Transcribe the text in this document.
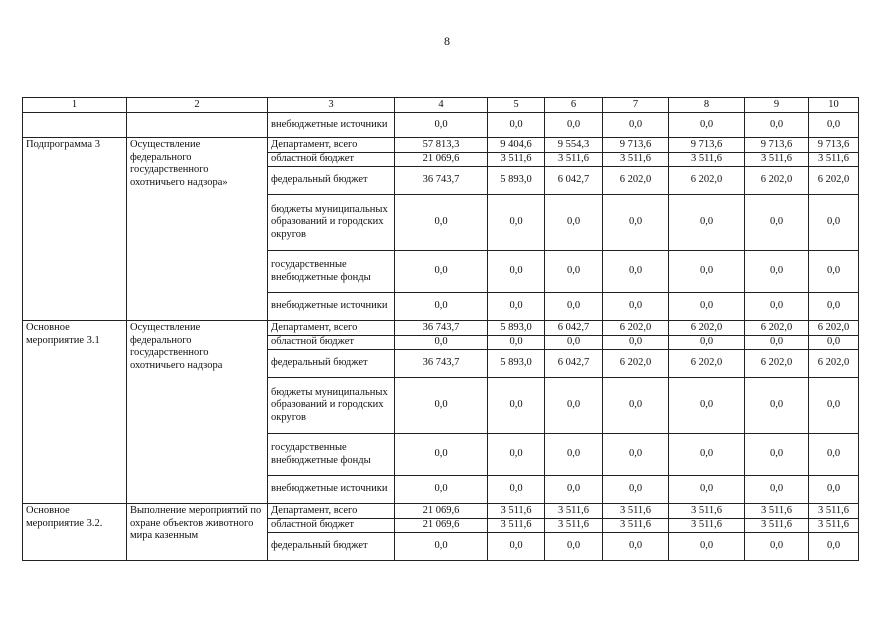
8
1	2	3	4	5	6	7	8	9	10
		внебюджетные источники	0,0	0,0	0,0	0,0	0,0	0,0	0,0
Подпрограмма 3	Осуществление федерального государственного охотничьего надзора»	Департамент, всего	57 813,3	9 404,6	9 554,3	9 713,6	9 713,6	9 713,6	9 713,6
		областной бюджет	21 069,6	3 511,6	3 511,6	3 511,6	3 511,6	3 511,6	3 511,6
		федеральный бюджет	36 743,7	5 893,0	6 042,7	6 202,0	6 202,0	6 202,0	6 202,0
		бюджеты муниципальных образований и городских округов	0,0	0,0	0,0	0,0	0,0	0,0	0,0
		государственные внебюджетные фонды	0,0	0,0	0,0	0,0	0,0	0,0	0,0
		внебюджетные источники	0,0	0,0	0,0	0,0	0,0	0,0	0,0
Основное мероприятие 3.1	Осуществление федерального государственного охотничьего надзора	Департамент, всего	36 743,7	5 893,0	6 042,7	6 202,0	6 202,0	6 202,0	6 202,0
		областной бюджет	0,0	0,0	0,0	0,0	0,0	0,0	0,0
		федеральный бюджет	36 743,7	5 893,0	6 042,7	6 202,0	6 202,0	6 202,0	6 202,0
		бюджеты муниципальных образований и городских округов	0,0	0,0	0,0	0,0	0,0	0,0	0,0
		государственные внебюджетные фонды	0,0	0,0	0,0	0,0	0,0	0,0	0,0
		внебюджетные источники	0,0	0,0	0,0	0,0	0,0	0,0	0,0
Основное мероприятие 3.2.	Выполнение мероприятий по охране объектов животного мира казенным	Департамент, всего	21 069,6	3 511,6	3 511,6	3 511,6	3 511,6	3 511,6	3 511,6
		областной бюджет	21 069,6	3 511,6	3 511,6	3 511,6	3 511,6	3 511,6	3 511,6
		федеральный бюджет	0,0	0,0	0,0	0,0	0,0	0,0	0,0
